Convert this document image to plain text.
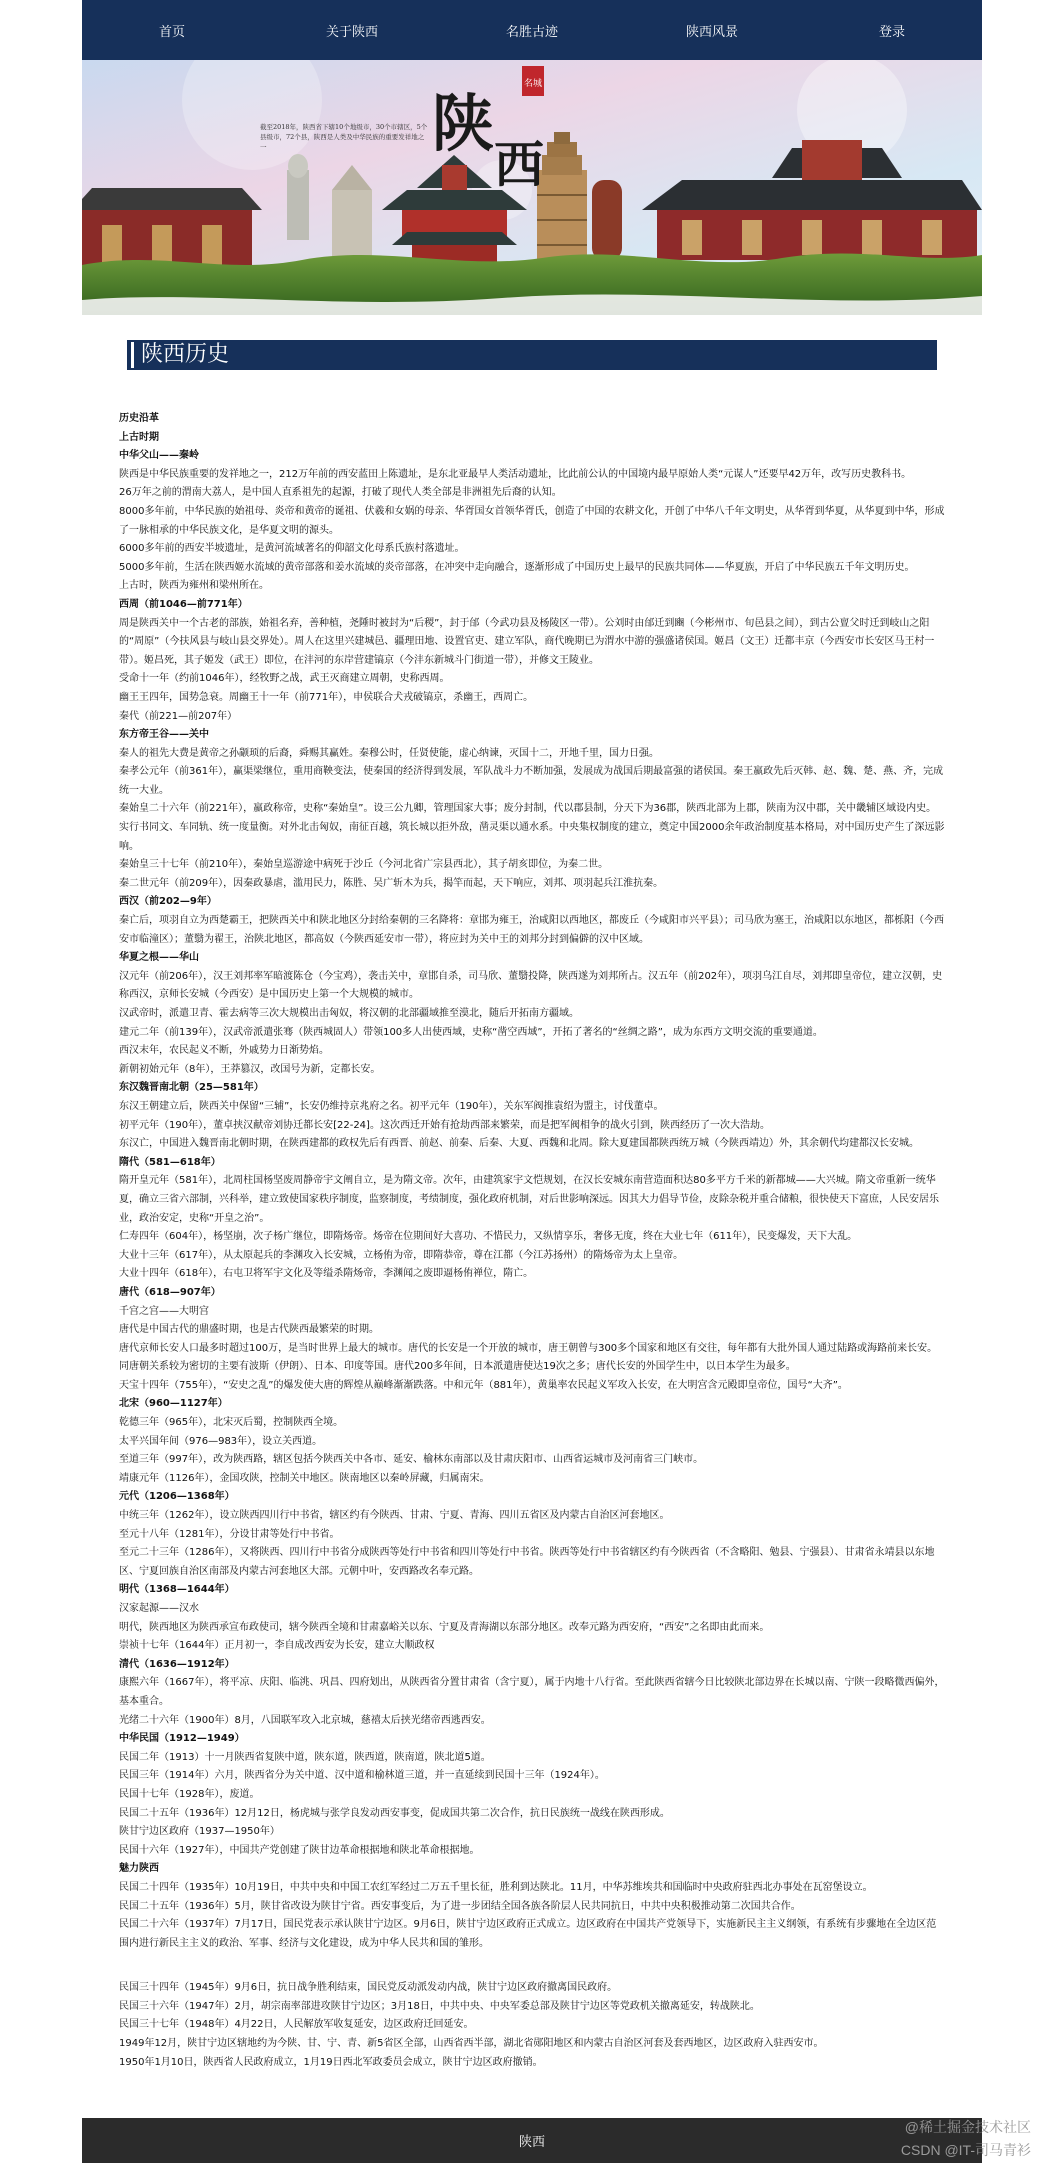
首页	关于陕西	名胜古迹	陕西风景	登录
陕
西
名城
截至2018年，陕西省下辖10个地级市，30个市辖区，5个县级市，72个县，陕西是人类及中华民族的重要发祥地之一
陕西历史

历史沿革

上古时期

中华父山——秦岭

陕西是中华民族重要的发祥地之一，212万年前的西安蓝田上陈遗址，是东北亚最早人类活动遗址，比此前公认的中国境内最早原始人类“元谋人”还要早42万年，改写历史教科书。

26万年之前的渭南大荔人，是中国人直系祖先的起源，打破了现代人类全部是非洲祖先后裔的认知。

8000多年前，中华民族的始祖母、炎帝和黄帝的诞祖、伏羲和女娲的母亲、华胥国女首领华胥氏，创造了中国的农耕文化，开创了中华八千年文明史，从华胥到华夏，从华夏到中华，形成了一脉相承的中华民族文化，是华夏文明的源头。

6000多年前的西安半坡遗址，是黄河流域著名的仰韶文化母系氏族村落遗址。

5000多年前，生活在陕西姬水流域的黄帝部落和姜水流域的炎帝部落，在冲突中走向融合，逐渐形成了中国历史上最早的民族共同体——华夏族，开启了中华民族五千年文明历史。

上古时，陕西为雍州和梁州所在。

西周（前1046—前771年）

周是陕西关中一个古老的部族，始祖名弃，善种植，尧陲时被封为“后稷”，封于邰（今武功县及杨陵区一带）。公刘时由邰迁到豳（今彬州市、旬邑县之间），到古公亶父时迁到岐山之阳的“周原”（今扶风县与岐山县交界处）。周人在这里兴建城邑、疆理田地、设置官吏、建立军队，商代晚期已为渭水中游的强盛诸侯国。姬昌（文王）迁都丰京（今西安市长安区马王村一带）。姬昌死，其子姬发（武王）即位，在沣河的东岸营建镐京（今沣东新城斗门街道一带），并修文王陵业。

受命十一年（约前1046年），经牧野之战，武王灭商建立周朝，史称西周。

幽王王四年，国势急衰。周幽王十一年（前771年），申侯联合犬戎破镐京，杀幽王，西周亡。

秦代（前221—前207年）

东方帝王谷——关中

秦人的祖先大费是黄帝之孙颛顼的后裔，舜赐其赢姓。秦穆公时，任贤使能，虚心纳谏，灭国十二，开地千里，国力日强。

秦孝公元年（前361年），赢渠梁继位，重用商鞅变法，使秦国的经济得到发展，军队战斗力不断加强，发展成为战国后期最富强的诸侯国。秦王嬴政先后灭韩、赵、魏、楚、燕、齐，完成统一大业。

秦始皇二十六年（前221年），嬴政称帝，史称“秦始皇”。设三公九卿，管理国家大事；废分封制，代以郡县制，分天下为36郡，陕西北部为上郡，陕南为汉中郡，关中畿辅区域设内史。实行书同文、车同轨、统一度量衡。对外北击匈奴，南征百越，筑长城以拒外敌，凿灵渠以通水系。中央集权制度的建立，奠定中国2000余年政治制度基本格局，对中国历史产生了深远影响。

秦始皇三十七年（前210年），秦始皇巡游途中病死于沙丘（今河北省广宗县西北），其子胡亥即位，为秦二世。

秦二世元年（前209年），因秦政暴虐，滥用民力，陈胜、吴广斩木为兵，揭竿而起，天下响应，刘邦、项羽起兵江淮抗秦。

西汉（前202—9年）

秦亡后，项羽自立为西楚霸王，把陕西关中和陕北地区分封给秦朝的三名降将：章邯为雍王，治咸阳以西地区，都废丘（今咸阳市兴平县）；司马欣为塞王，治咸阳以东地区，都栎阳（今西安市临潼区）；董翳为翟王，治陕北地区，都高奴（今陕西延安市一带），将应封为关中王的刘邦分封到偏僻的汉中区域。

华夏之根——华山

汉元年（前206年），汉王刘邦率军暗渡陈仓（今宝鸡），袭击关中，章邯自杀，司马欣、董翳投降，陕西遂为刘邦所占。汉五年（前202年），项羽乌江自尽，刘邦即皇帝位，建立汉朝，史称西汉，京师长安城（今西安）是中国历史上第一个大规模的城市。

汉武帝时，派遣卫青、霍去病等三次大规模出击匈奴，将汉朝的北部疆域推至漠北，随后开拓南方疆域。

建元二年（前139年），汉武帝派遣张骞（陕西城固人）带领100多人出使西域，史称“凿空西域”，开拓了著名的“丝绸之路”，成为东西方文明交流的重要通道。

西汉末年，农民起义不断，外戚势力日渐势焰。

新朝初始元年（8年），王莽篡汉，改国号为新，定都长安。

东汉魏晋南北朝（25—581年）

东汉王朝建立后，陕西关中保留“三辅”，长安仍维持京兆府之名。初平元年（190年），关东军阀推袁绍为盟主，讨伐董卓。

初平元年（190年），董卓挟汉献帝刘协迁都长安[22-24]。这次西迁开始有抢劫西部来繁荣，而是把军阀相争的战火引到，陕西经历了一次大浩劫。

东汉亡，中国进入魏晋南北朝时期，在陕西建都的政权先后有西晋、前赵、前秦、后秦、大夏、西魏和北周。除大夏建国都陕西统万城（今陕西靖边）外，其余朝代均建都汉长安城。

隋代（581—618年）

隋开皇元年（581年），北周柱国杨坚废周静帝宇文阐自立，是为隋文帝。次年，由建筑家宇文恺规划，在汉长安城东南营造面积达80多平方千米的新都城——大兴城。隋文帝重新一统华夏，确立三省六部制，兴科举，建立致使国家秩序制度，监察制度，考绩制度，强化政府机制，对后世影响深远。因其大力倡导节俭，皮除杂税并重合储粮，很快使天下富庶，人民安居乐业，政治安定，史称“开皇之治”。

仁寿四年（604年），杨坚崩，次子杨广继位，即隋炀帝。炀帝在位期间好大喜功、不惜民力，又纵情享乐，奢侈无度，终在大业七年（611年），民变爆发，天下大乱。

大业十三年（617年），从太原起兵的李渊攻入长安城，立杨侑为帝，即隋恭帝，尊在江都（今江苏扬州）的隋炀帝为太上皇帝。

大业十四年（618年），右屯卫将军宇文化及等缢杀隋炀帝，李渊闻之废即逼杨侑禅位，隋亡。

唐代（618—907年）

千宫之宫——大明宫

唐代是中国古代的鼎盛时期，也是古代陕西最繁荣的时期。

唐代京师长安人口最多时超过100万，是当时世界上最大的城市。唐代的长安是一个开放的城市，唐王朝曾与300多个国家和地区有交往，每年都有大批外国人通过陆路或海路前来长安。同唐朝关系较为密切的主要有波斯（伊朗）、日本、印度等国。唐代200多年间，日本派遣唐使达19次之多；唐代长安的外国学生中，以日本学生为最多。

天宝十四年（755年），“安史之乱”的爆发使大唐的辉煌从巅峰渐渐跌落。中和元年（881年），黄巢率农民起义军攻入长安，在大明宫含元殿即皇帝位，国号“大齐”。

北宋（960—1127年）

乾德三年（965年），北宋灭后蜀，控制陕西全境。

太平兴国年间（976—983年），设立关西道。

至道三年（997年），改为陕西路，辖区包括今陕西关中各市、延安、榆林东南部以及甘肃庆阳市、山西省运城市及河南省三门峡市。

靖康元年（1126年），金国攻陕，控制关中地区。陕南地区以秦岭屏藏，归属南宋。

元代（1206—1368年）

中统三年（1262年），设立陕西四川行中书省，辖区约有今陕西、甘肃、宁夏、青海、四川五省区及内蒙古自治区河套地区。

至元十八年（1281年），分设甘肃等处行中书省。

至元二十三年（1286年），又将陕西、四川行中书省分成陕西等处行中书省和四川等处行中书省。陕西等处行中书省辖区约有今陕西省（不含略阳、勉县、宁强县）、甘肃省永靖县以东地区、宁夏回族自治区南部及内蒙古河套地区大部。元朝中叶，安西路改名奉元路。

明代（1368—1644年）

汉家起源——汉水

明代，陕西地区为陕西承宣布政使司，辖今陕西全境和甘肃嘉峪关以东、宁夏及青海湖以东部分地区。改奉元路为西安府，“西安”之名即由此而来。

崇祯十七年（1644年）正月初一，李自成改西安为长安，建立大顺政权

清代（1636—1912年）

康熙六年（1667年），将平凉、庆阳、临洮、巩昌、四府划出，从陕西省分置甘肃省（含宁夏），属于内地十八行省。至此陕西省辖今日比较陕北部边界在长城以南、宁陕一段略微西偏外，基本重合。

光绪二十六年（1900年）8月，八国联军攻入北京城，慈禧太后挟光绪帝西逃西安。

中华民国（1912—1949）

民国二年（1913）十一月陕西省复陕中道，陕东道，陕西道，陕南道，陕北道5道。

民国三年（1914年）六月，陕西省分为关中道、汉中道和榆林道三道，并一直延续到民国十三年（1924年）。

民国十七年（1928年），废道。

民国二十五年（1936年）12月12日，杨虎城与张学良发动西安事变，促成国共第二次合作，抗日民族统一战线在陕西形成。

陕甘宁边区政府（1937—1950年）

民国十六年（1927年），中国共产党创建了陕甘边革命根据地和陕北革命根据地。

魅力陕西

民国二十四年（1935年）10月19日，中共中央和中国工农红军经过二万五千里长征，胜利到达陕北。11月，中华苏维埃共和国临时中央政府驻西北办事处在瓦窑堡设立。

民国二十五年（1936年）5月，陕甘省改设为陕甘宁省。西安事变后，为了进一步团结全国各族各阶层人民共同抗日，中共中央积极推动第二次国共合作。

民国二十六年（1937年）7月17日，国民党表示承认陕甘宁边区。9月6日，陕甘宁边区政府正式成立。边区政府在中国共产党领导下，实施新民主主义纲领，有系统有步骤地在全边区范围内进行新民主主义的政治、军事、经济与文化建设，成为中华人民共和国的雏形。

民国三十四年（1945年）9月6日，抗日战争胜利结束，国民党反动派发动内战，陕甘宁边区政府撤离国民政府。

民国三十六年（1947年）2月，胡宗南率部进攻陕甘宁边区；3月18日，中共中央、中央军委总部及陕甘宁边区等党政机关撤离延安，转战陕北。

民国三十七年（1948年）4月22日，人民解放军收复延安，边区政府迁回延安。

1949年12月，陕甘宁边区辖地约为今陕、甘、宁、青、新5省区全部，山西省西半部，湖北省郧阳地区和内蒙古自治区河套及套西地区，边区政府入驻西安市。

1950年1月10日，陕西省人民政府成立，1月19日西北军政委员会成立，陕甘宁边区政府撤销。

陕西
@稀土掘金技术社区
CSDN @IT-司马青衫
